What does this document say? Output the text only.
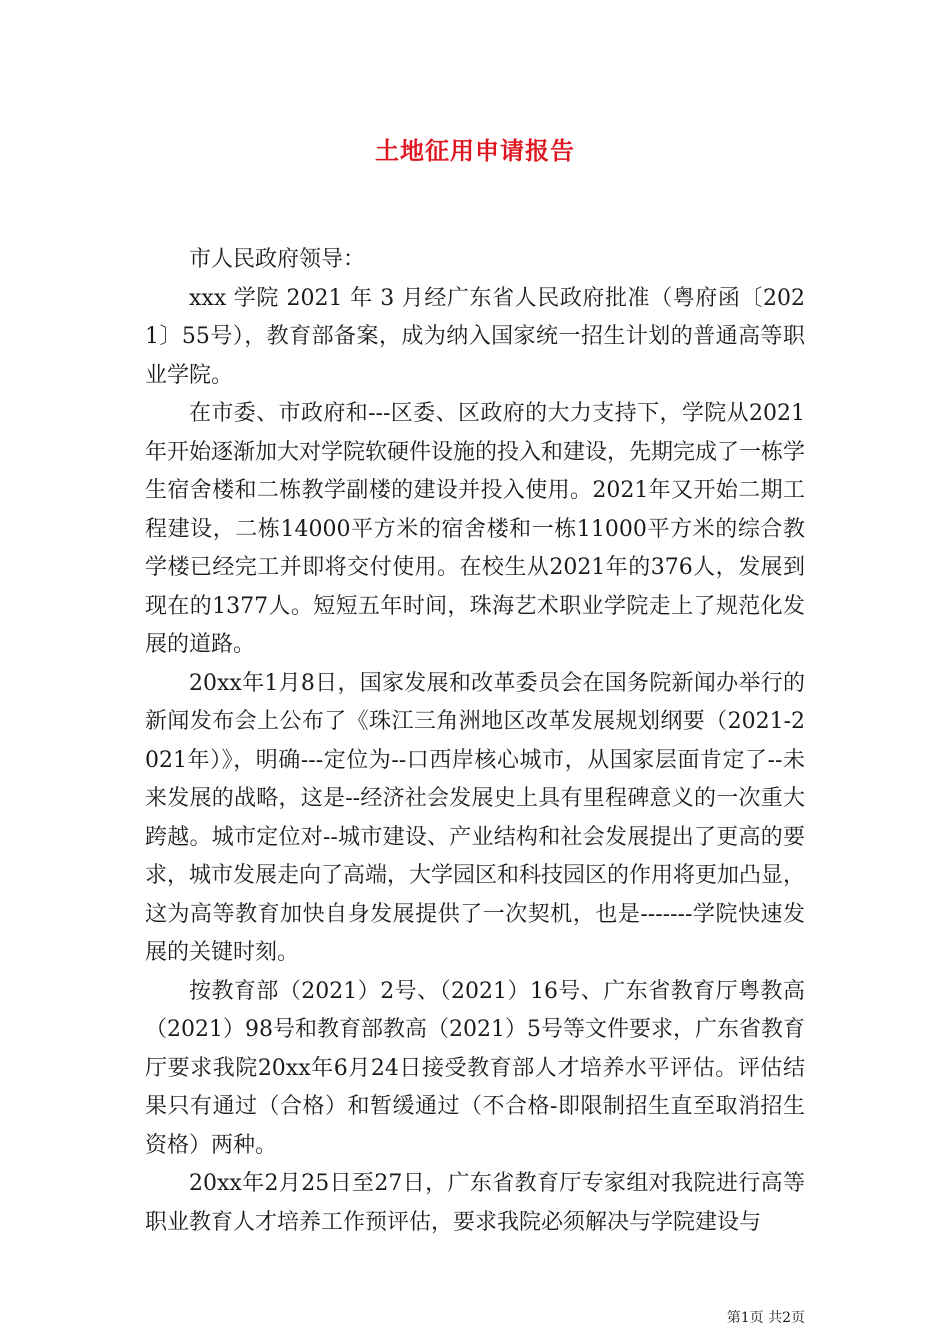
土地征用申请报告

市人民政府领导：

xxx 学院 2021 年 3 月经广东省人民政府批准（粤府函〔2021〕55号），教育部备案，成为纳入国家统一招生计划的普通高等职业学院。

在市委、市政府和---区委、区政府的大力支持下，学院从2021年开始逐渐加大对学院软硬件设施的投入和建设，先期完成了一栋学生宿舍楼和二栋教学副楼的建设并投入使用。2021年又开始二期工程建设，二栋14000平方米的宿舍楼和一栋11000平方米的综合教学楼已经完工并即将交付使用。在校生从2021年的376人，发展到现在的1377人。短短五年时间，珠海艺术职业学院走上了规范化发展的道路。

20xx年1月8日，国家发展和改革委员会在国务院新闻办举行的新闻发布会上公布了《珠江三角洲地区改革发展规划纲要（2021-2021年）》，明确---定位为--口西岸核心城市，从国家层面肯定了--未来发展的战略，这是--经济社会发展史上具有里程碑意义的一次重大跨越。城市定位对--城市建设、产业结构和社会发展提出了更高的要求，城市发展走向了高端，大学园区和科技园区的作用将更加凸显，这为高等教育加快自身发展提供了一次契机，也是-------学院快速发展的关键时刻。

按教育部（2021）2号、（2021）16号、广东省教育厅粤教高（2021）98号和教育部教高（2021）5号等文件要求，广东省教育厅要求我院20xx年6月24日接受教育部人才培养水平评估。评估结果只有通过（合格）和暂缓通过（不合格-即限制招生直至取消招生资格）两种。

20xx年2月25日至27日，广东省教育厅专家组对我院进行高等职业教育人才培养工作预评估，要求我院必须解决与学院建设与

第1页 共2页
